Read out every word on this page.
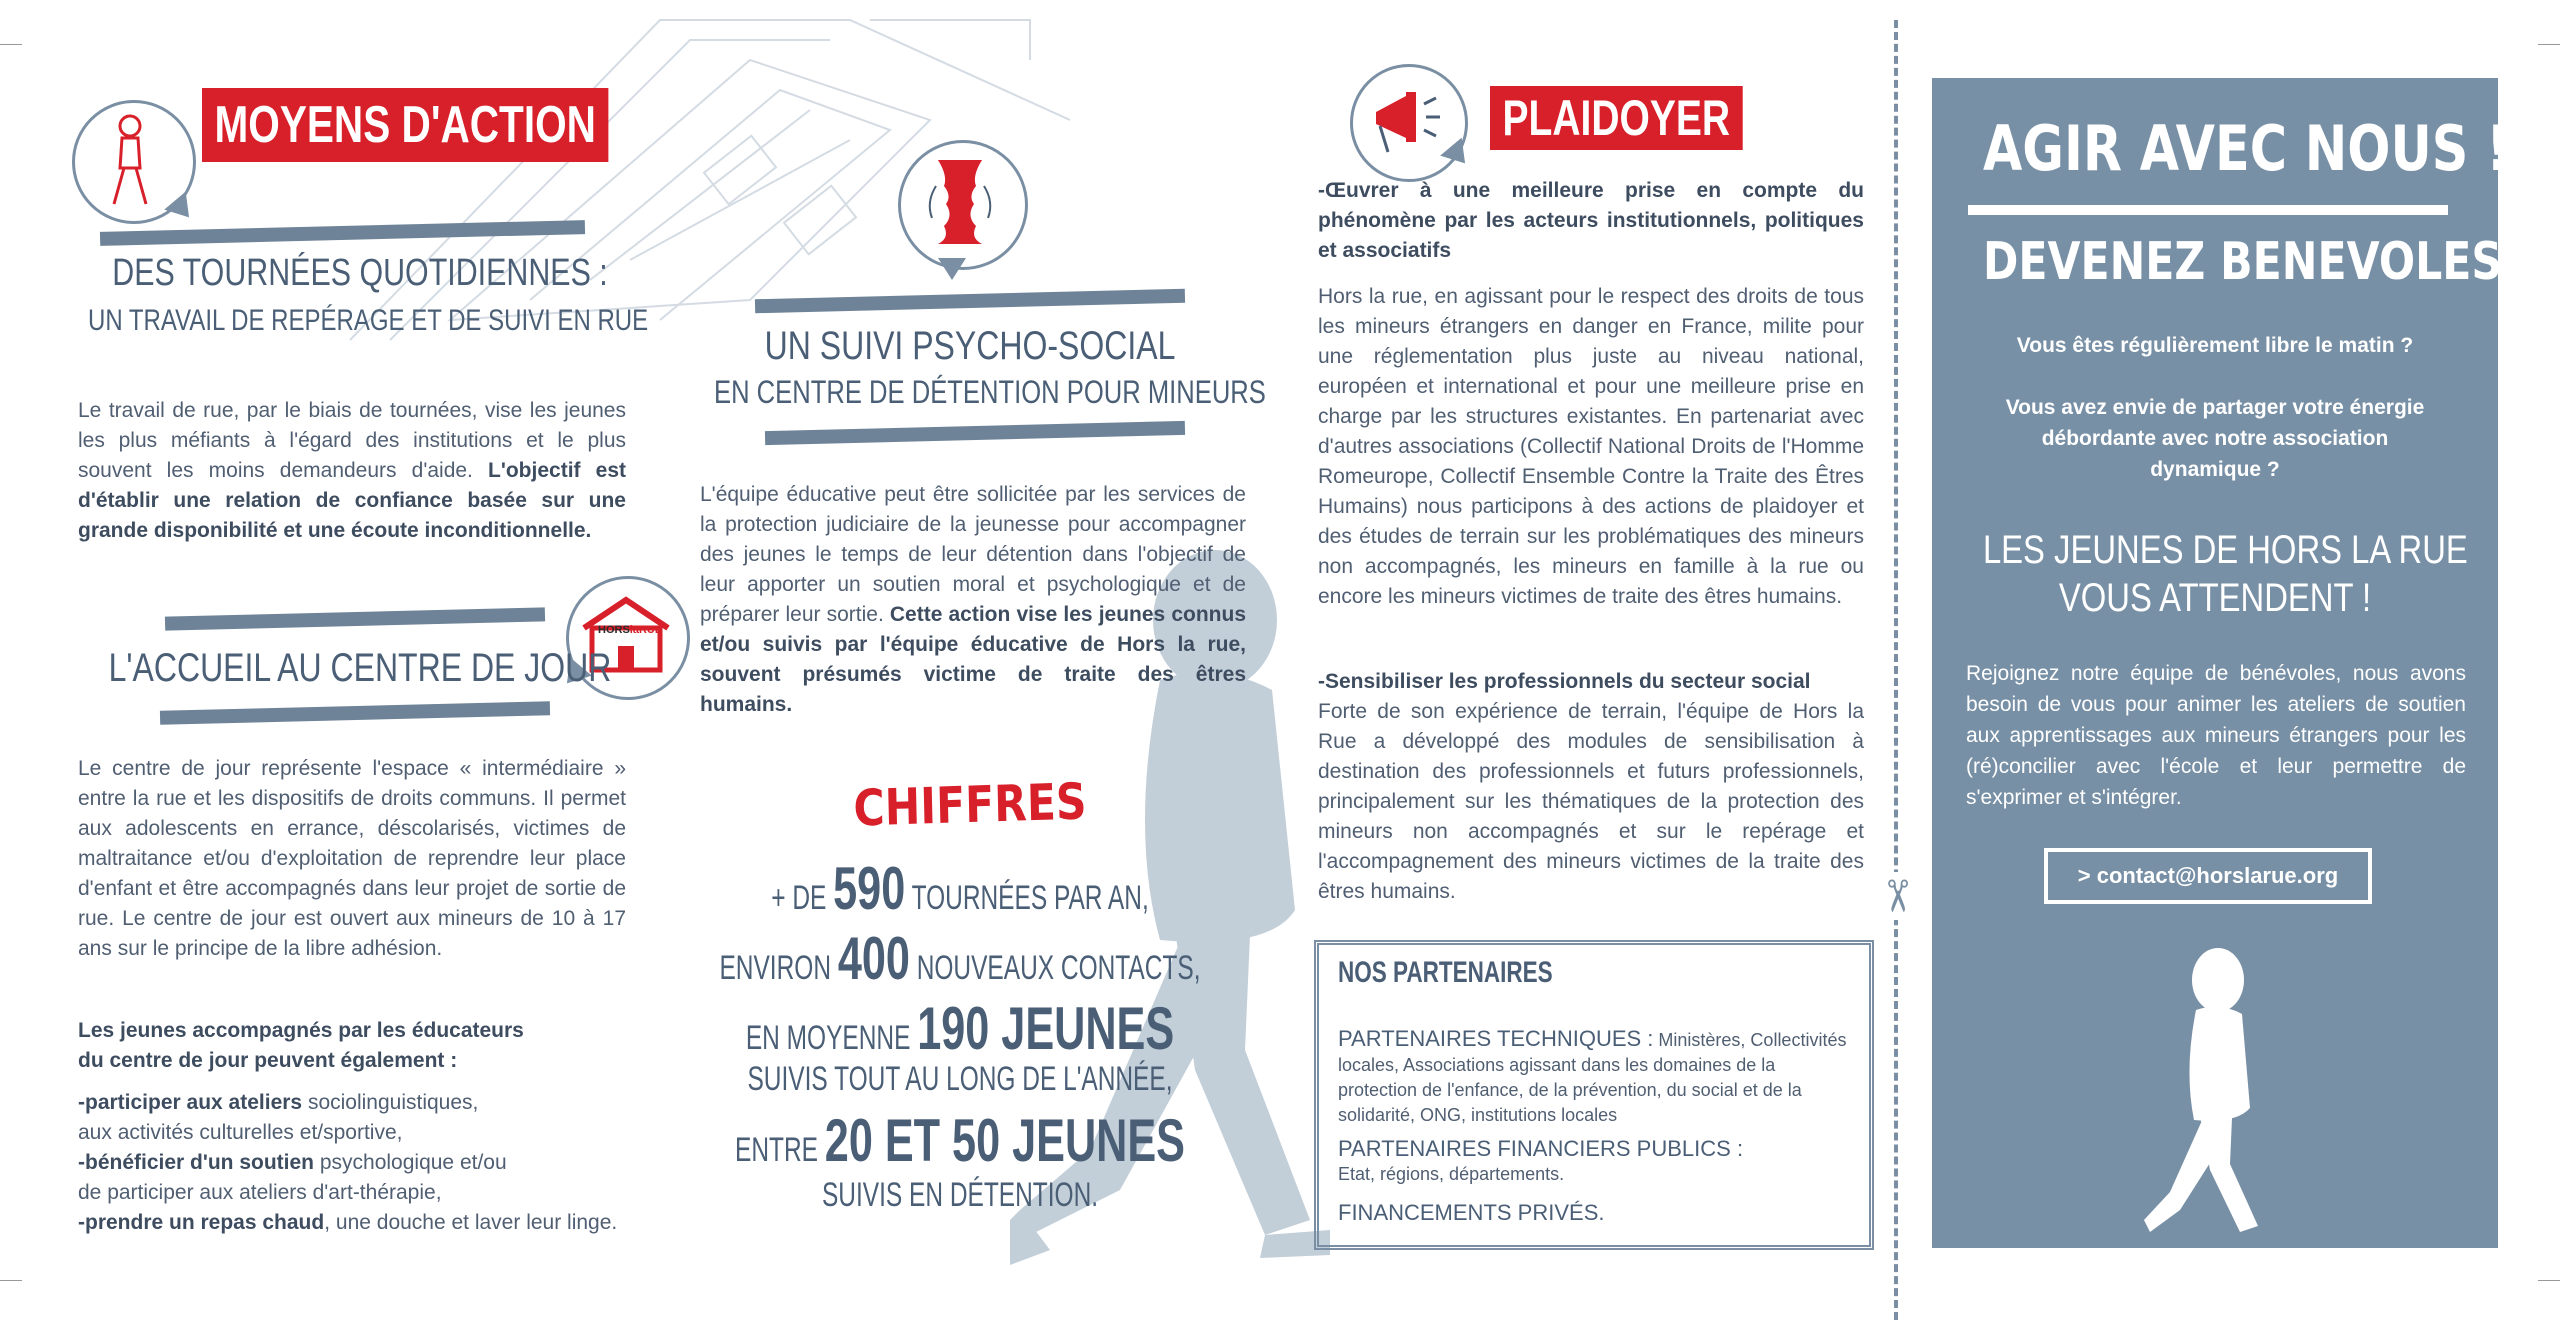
MOYENS D'ACTION
DES TOURNÉES QUOTIDIENNES :
UN TRAVAIL DE REPÉRAGE ET DE SUIVI EN RUE
Le travail de rue, par le biais de tournées, vise les jeunes les plus méfiants à l'égard des institutions et le plus souvent les moins demandeurs d'aide. L'objectif est d'établir une relation de confiance basée sur une grande disponibilité et une écoute inconditionnelle.
HORSlaRUE
L'ACCUEIL AU CENTRE DE JOUR
Le centre de jour représente l'espace « intermédiaire » entre la rue et les dispositifs de droits communs. Il permet aux adolescents en errance, déscolarisés, victimes de maltraitance et/ou d'exploitation de reprendre leur place d'enfant et être accompagnés dans leur projet de sortie de rue. Le centre de jour est ouvert aux mineurs de 10 à 17 ans sur le principe de la libre adhésion.
Les jeunes accompagnés par les éducateurs
du centre de jour peuvent également :
-participer aux ateliers sociolinguistiques,
aux activités culturelles et/sportive,
-bénéficier d'un soutien psychologique et/ou
de participer aux ateliers d'art-thérapie,
-prendre un repas chaud, une douche et laver leur linge.
UN SUIVI PSYCHO-SOCIAL
EN CENTRE DE DÉTENTION POUR MINEURS
L'équipe éducative peut être sollicitée par les services de la protection judiciaire de la jeunesse pour accompagner des jeunes le temps de leur détention dans l'objectif de leur apporter un soutien moral et psychologique et de préparer leur sortie. Cette action vise les jeunes connus et/ou suivis par l'équipe éducative de Hors la rue, souvent présumés victime de traite des êtres humains.
CHIFFRES
+ DE 590 TOURNÉES PAR AN,
ENVIRON 400 NOUVEAUX CONTACTS,
EN MOYENNE 190 JEUNES
SUIVIS TOUT AU LONG DE L'ANNÉE,
ENTRE 20 ET 50 JEUNES
SUIVIS EN DÉTENTION.
PLAIDOYER
-Œuvrer à une meilleure prise en compte du phénomène par les acteurs institutionnels, politiques et associatifs
Hors la rue, en agissant pour le respect des droits de tous les mineurs étrangers en danger en France, milite pour une réglementation plus juste au niveau national, européen et international et pour une meilleure prise en charge par les structures existantes. En partenariat avec d'autres associations (Collectif National Droits de l'Homme Romeurope, Collectif Ensemble Contre la Traite des Êtres Humains) nous participons à des actions de plaidoyer et des études de terrain sur les problématiques des mineurs non accompagnés, les mineurs en famille à la rue ou encore les mineurs victimes de traite des êtres humains.
-Sensibiliser les professionnels du secteur social
Forte de son expérience de terrain, l'équipe de Hors la Rue a développé des modules de sensibilisation à destination des professionnels et futurs professionnels, principalement sur les thématiques de la protection des mineurs non accompagnés et sur le repérage et l'accompagnement des mineurs victimes de la traite des êtres humains.
NOS PARTENAIRES
PARTENAIRES TECHNIQUES : Ministères, Collectivités locales, Associations agissant dans les domaines de la protection de l'enfance, de la prévention, du social et de la solidarité, ONG, institutions locales
PARTENAIRES FINANCIERS PUBLICS :
Etat, régions, départements.
FINANCEMENTS PRIVÉS.
✂
AGIR AVEC NOUS !
DEVENEZ BENEVOLES !
Vous êtes régulièrement libre le matin ?
Vous avez envie de partager votre énergie débordante avec notre association dynamique ?
LES JEUNES DE HORS LA RUE
VOUS ATTENDENT !
Rejoignez notre équipe de bénévoles, nous avons besoin de vous pour animer les ateliers de soutien aux apprentissages aux mineurs étrangers pour les (ré)concilier avec l'école et leur permettre de s'exprimer et s'intégrer.
> contact@horslarue.org
